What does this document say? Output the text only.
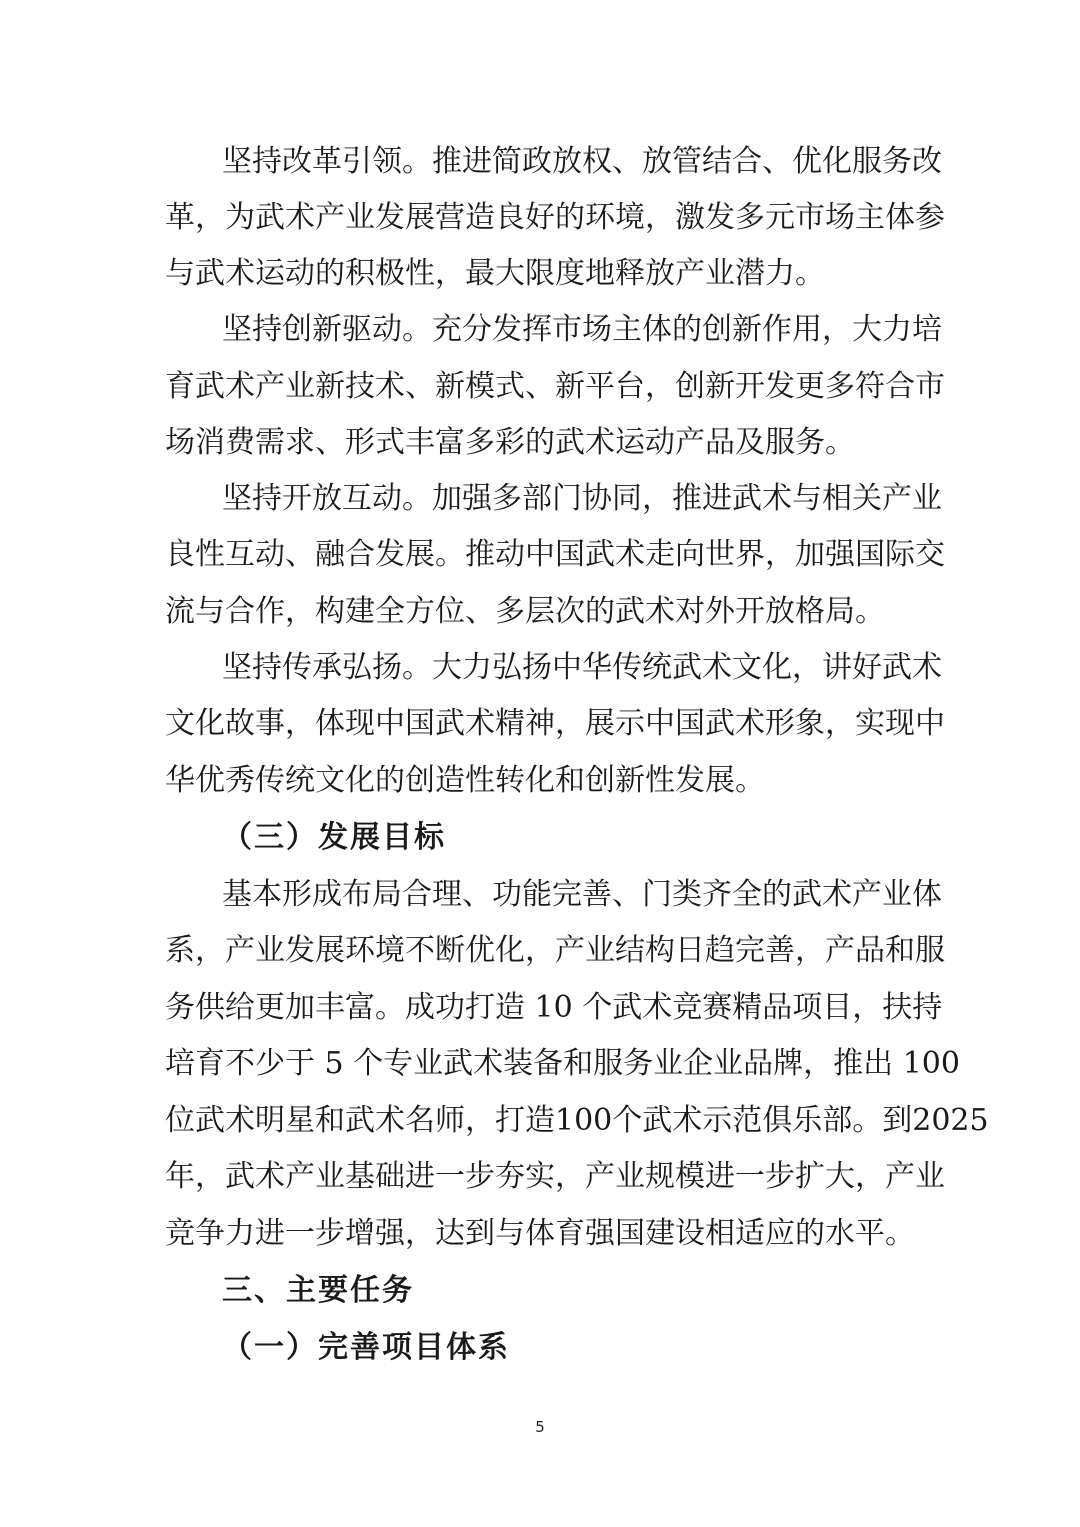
坚持改革引领。推进简政放权、放管结合、优化服务改
革，为武术产业发展营造良好的环境，激发多元市场主体参
与武术运动的积极性，最大限度地释放产业潜力。
坚持创新驱动。充分发挥市场主体的创新作用，大力培
育武术产业新技术、新模式、新平台，创新开发更多符合市
场消费需求、形式丰富多彩的武术运动产品及服务。
坚持开放互动。加强多部门协同，推进武术与相关产业
良性互动、融合发展。推动中国武术走向世界，加强国际交
流与合作，构建全方位、多层次的武术对外开放格局。
坚持传承弘扬。大力弘扬中华传统武术文化，讲好武术
文化故事，体现中国武术精神，展示中国武术形象，实现中
华优秀传统文化的创造性转化和创新性发展。
（三）发展目标
基本形成布局合理、功能完善、门类齐全的武术产业体
系，产业发展环境不断优化，产业结构日趋完善，产品和服
务供给更加丰富。成功打造 10 个武术竞赛精品项目，扶持
培育不少于 5 个专业武术装备和服务业企业品牌，推出 100
位武术明星和武术名师，打造100个武术示范俱乐部。到2025
年，武术产业基础进一步夯实，产业规模进一步扩大，产业
竞争力进一步增强，达到与体育强国建设相适应的水平。
三、主要任务
（一）完善项目体系
5
